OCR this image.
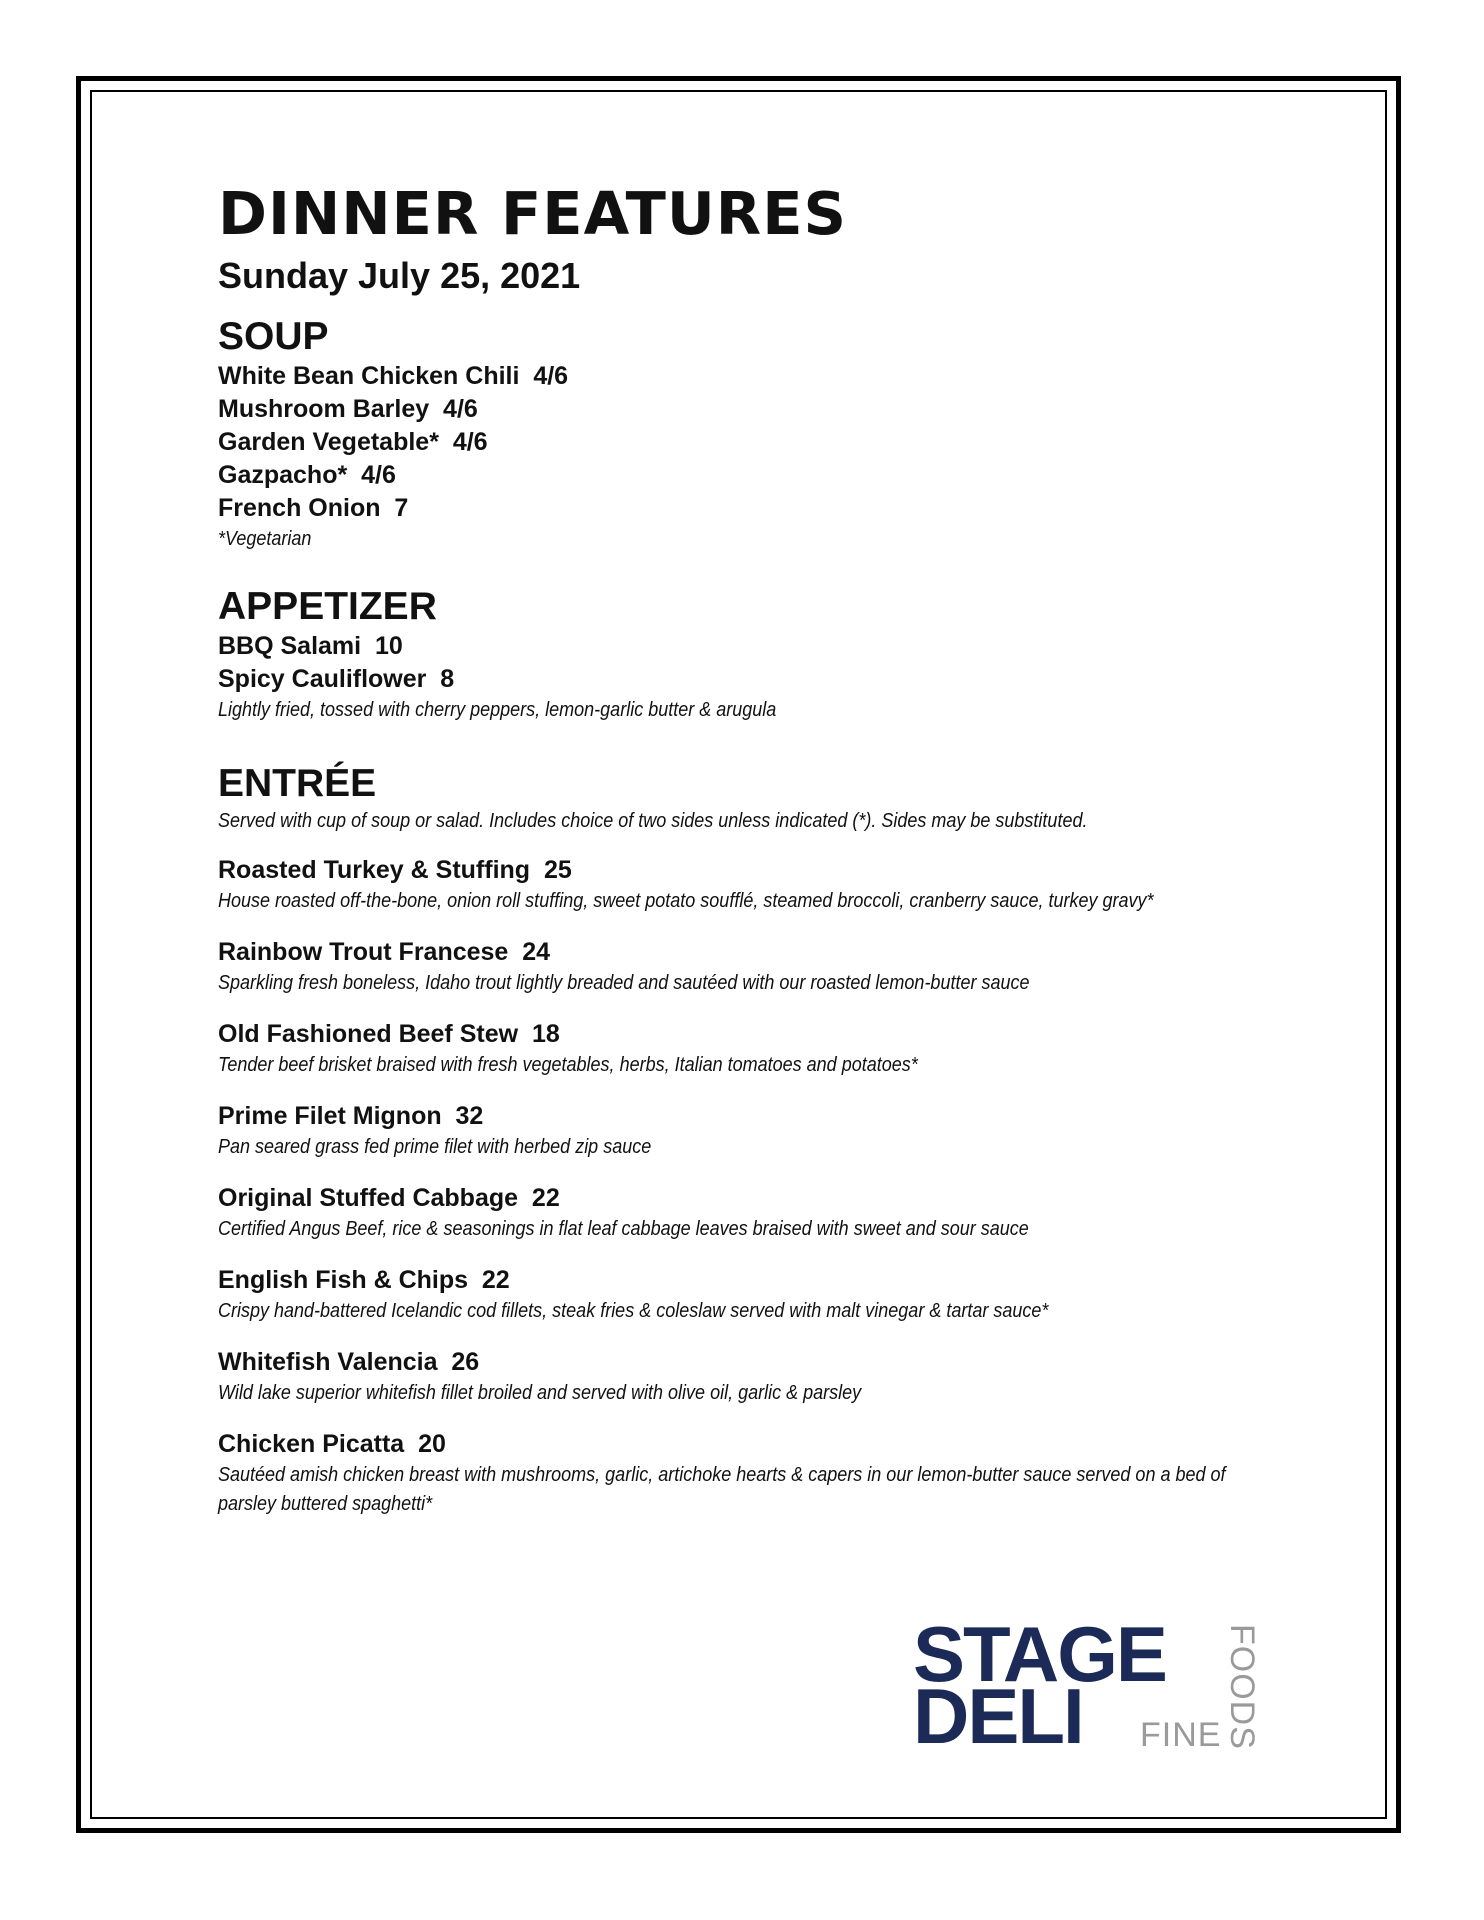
DINNER FEATURES
Sunday July 25, 2021
SOUP
White Bean Chicken Chili  4/6
Mushroom Barley  4/6
Garden Vegetable*  4/6
Gazpacho*  4/6
French Onion  7
*Vegetarian
APPETIZER
BBQ Salami  10
Spicy Cauliflower  8
Lightly fried, tossed with cherry peppers, lemon-garlic butter & arugula
ENTRÉE
Served with cup of soup or salad. Includes choice of two sides unless indicated (*). Sides may be substituted.
Roasted Turkey & Stuffing  25
House roasted off-the-bone, onion roll stuffing, sweet potato soufflé, steamed broccoli, cranberry sauce, turkey gravy*
Rainbow Trout Francese  24
Sparkling fresh boneless, Idaho trout lightly breaded and sautéed with our roasted lemon-butter sauce
Old Fashioned Beef Stew  18
Tender beef brisket braised with fresh vegetables, herbs, Italian tomatoes and potatoes*
Prime Filet Mignon  32
Pan seared grass fed prime filet with herbed zip sauce
Original Stuffed Cabbage  22
Certified Angus Beef, rice & seasonings in flat leaf cabbage leaves braised with sweet and sour sauce
English Fish & Chips  22
Crispy hand-battered Icelandic cod fillets, steak fries & coleslaw served with malt vinegar & tartar sauce*
Whitefish Valencia  26
Wild lake superior whitefish fillet broiled and served with olive oil, garlic & parsley
Chicken Picatta  20
Sautéed amish chicken breast with mushrooms, garlic, artichoke hearts & capers in our lemon-butter sauce served on a bed of parsley buttered spaghetti*
STAGE
DELI FINE FOODS
